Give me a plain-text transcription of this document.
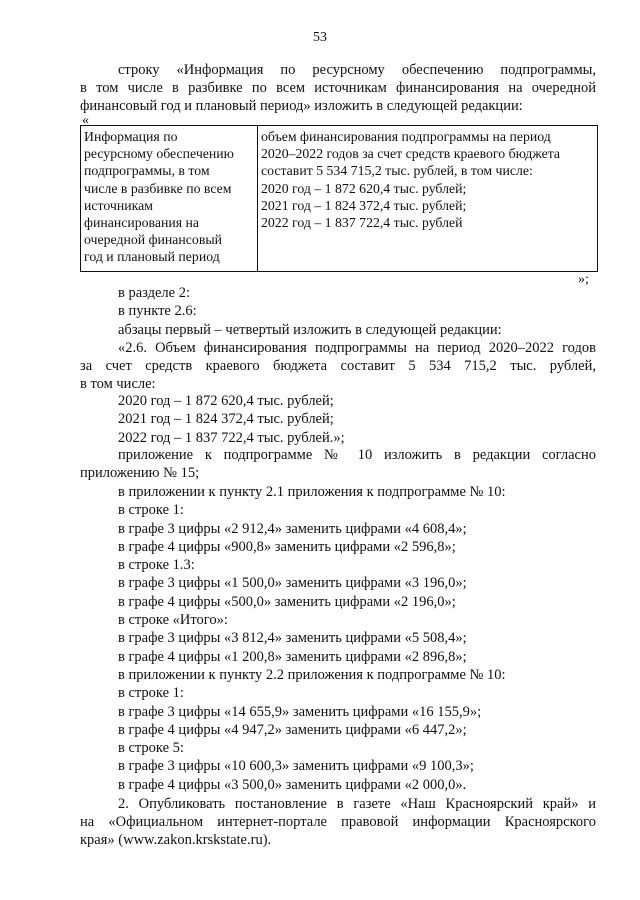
53
строку «Информация по ресурсному обеспечению подпрограммы,
в том числе в разбивке по всем источникам финансирования на очередной
финансовый год и плановый период» изложить в следующей редакции:
«
Информация по
ресурсному обеспечению
подпрограммы, в том
числе в разбивке по всем
источникам
финансирования на
очередной финансовый
год и плановый период

объем финансирования подпрограммы на период
2020–2022 годов за счет средств краевого бюджета
составит 5 534 715,2 тыс. рублей, в том числе:
2020 год – 1 872 620,4 тыс. рублей;
2021 год – 1 824 372,4 тыс. рублей;
2022 год – 1 837 722,4 тыс. рублей
»;
в разделе 2:
в пункте 2.6:
абзацы первый – четвертый изложить в следующей редакции:
«2.6. Объем финансирования подпрограммы на период 2020–2022 годов
за счет средств краевого бюджета составит 5 534 715,2 тыс. рублей,
в том числе:
2020 год – 1 872 620,4 тыс. рублей;
2021 год – 1 824 372,4 тыс. рублей;
2022 год – 1 837 722,4 тыс. рублей.»;
приложение к подпрограмме № 10 изложить в редакции согласно
приложению № 15;
в приложении к пункту 2.1 приложения к подпрограмме № 10:
в строке 1:
в графе 3 цифры «2 912,4» заменить цифрами «4 608,4»;
в графе 4 цифры «900,8» заменить цифрами «2 596,8»;
в строке 1.3:
в графе 3 цифры «1 500,0» заменить цифрами «3 196,0»;
в графе 4 цифры «500,0» заменить цифрами «2 196,0»;
в строке «Итого»:
в графе 3 цифры «3 812,4» заменить цифрами «5 508,4»;
в графе 4 цифры «1 200,8» заменить цифрами «2 896,8»;
в приложении к пункту 2.2 приложения к подпрограмме № 10:
в строке 1:
в графе 3 цифры «14 655,9» заменить цифрами «16 155,9»;
в графе 4 цифры «4 947,2» заменить цифрами «6 447,2»;
в строке 5:
в графе 3 цифры «10 600,3» заменить цифрами «9 100,3»;
в графе 4 цифры «3 500,0» заменить цифрами «2 000,0».
2. Опубликовать постановление в газете «Наш Красноярский край» и
на «Официальном интернет-портале правовой информации Красноярского
края» (www.zakon.krskstate.ru).
